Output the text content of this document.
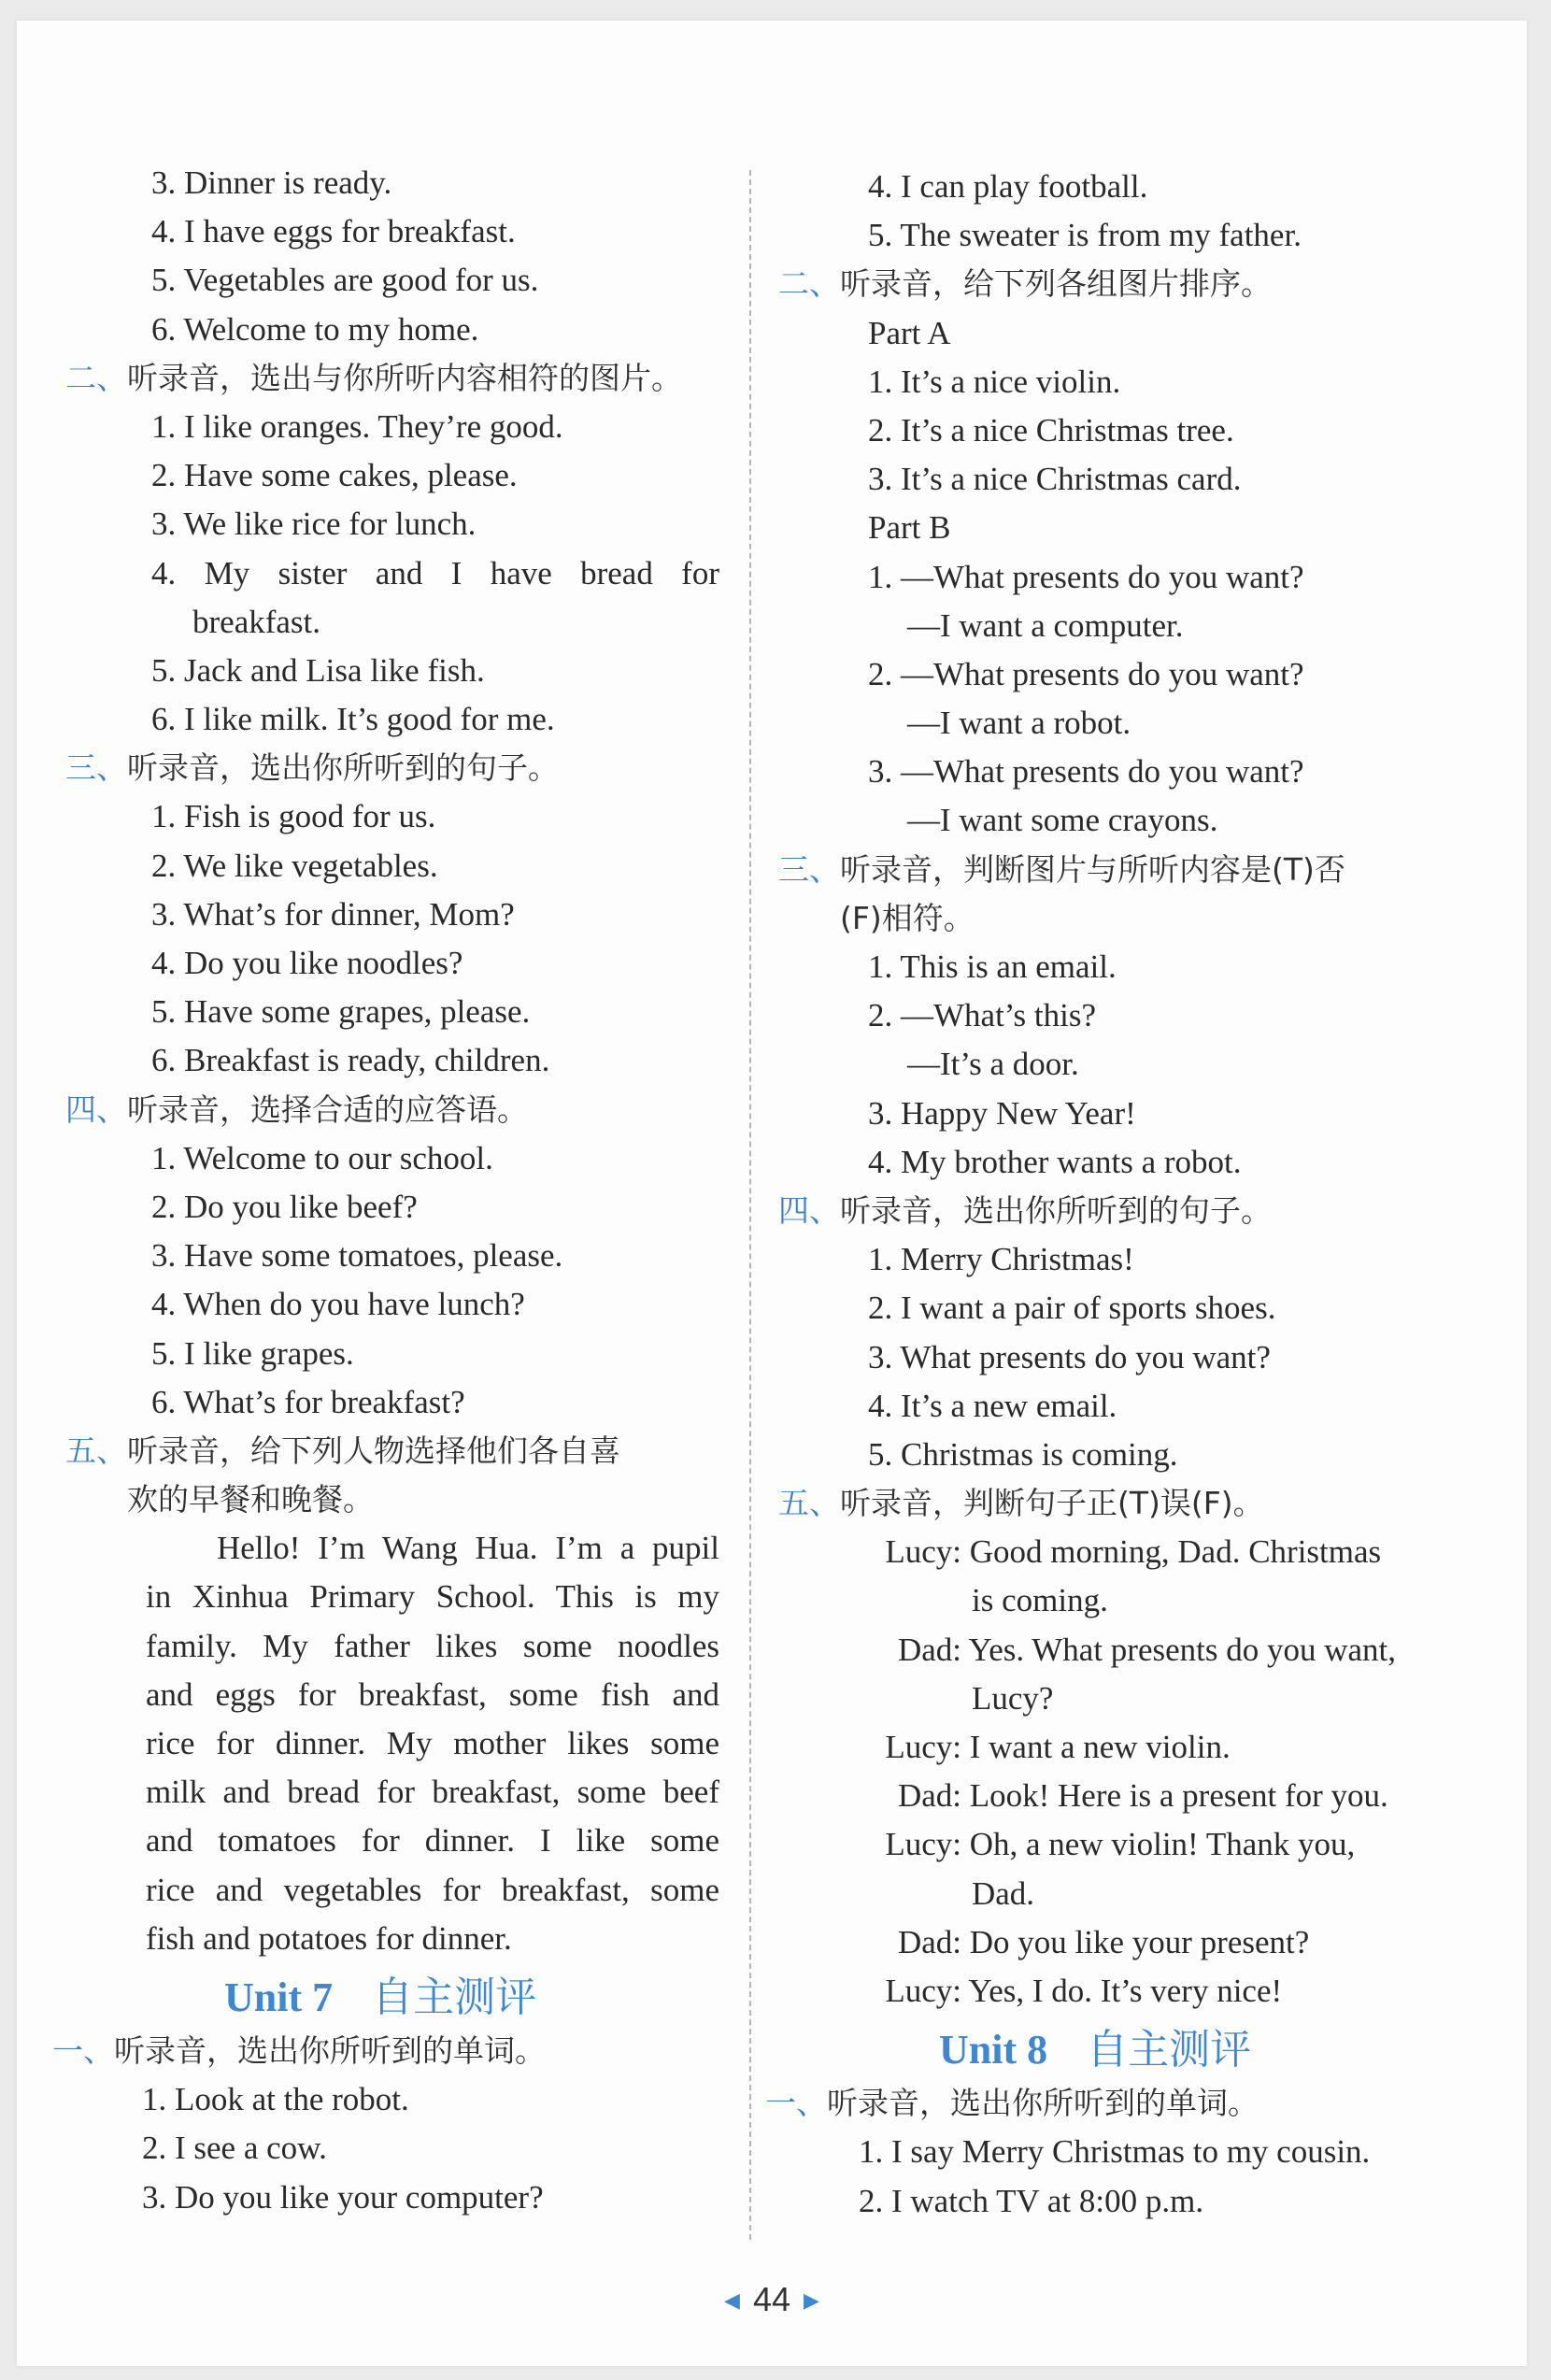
3. Dinner is ready.
4. I have eggs for breakfast.
5. Vegetables are good for us.
6. Welcome to my home.
二、听录音，选出与你所听内容相符的图片。
1. I like oranges. They’re good.
2. Have some cakes, please.
3. We like rice for lunch.
4. My sister and I have bread for
breakfast.
5. Jack and Lisa like fish.
6. I like milk. It’s good for me.
三、听录音，选出你所听到的句子。
1. Fish is good for us.
2. We like vegetables.
3. What’s for dinner, Mom?
4. Do you like noodles?
5. Have some grapes, please.
6. Breakfast is ready, children.
四、听录音，选择合适的应答语。
1. Welcome to our school.
2. Do you like beef?
3. Have some tomatoes, please.
4. When do you have lunch?
5. I like grapes.
6. What’s for breakfast?
五、听录音，给下列人物选择他们各自喜
欢的早餐和晚餐。
Hello! I’m Wang Hua. I’m a pupil
in Xinhua Primary School. This is my
family. My father likes some noodles
and eggs for breakfast, some fish and
rice for dinner. My mother likes some
milk and bread for breakfast, some beef
and tomatoes for dinner. I like some
rice and vegetables for breakfast, some
fish and potatoes for dinner.
Unit 7 自主测评
一、听录音，选出你所听到的单词。
1. Look at the robot.
2. I see a cow.
3. Do you like your computer?
4. I can play football.
5. The sweater is from my father.
二、听录音，给下列各组图片排序。
Part A
1. It’s a nice violin.
2. It’s a nice Christmas tree.
3. It’s a nice Christmas card.
Part B
1. —What presents do you want?
—I want a computer.
2. —What presents do you want?
—I want a robot.
3. —What presents do you want?
—I want some crayons.
三、听录音，判断图片与所听内容是(T)否
(F)相符。
1. This is an email.
2. —What’s this?
—It’s a door.
3. Happy New Year!
4. My brother wants a robot.
四、听录音，选出你所听到的句子。
1. Merry Christmas!
2. I want a pair of sports shoes.
3. What presents do you want?
4. It’s a new email.
5. Christmas is coming.
五、听录音，判断句子正(T)误(F)。
Lucy: Good morning, Dad. Christmas
is coming.
Dad: Yes. What presents do you want,
Lucy?
Lucy: I want a new violin.
Dad: Look! Here is a present for you.
Lucy: Oh, a new violin! Thank you,
Dad.
Dad: Do you like your present?
Lucy: Yes, I do. It’s very nice!
Unit 8 自主测评
一、听录音，选出你所听到的单词。
1. I say Merry Christmas to my cousin.
2. I watch TV at 8:00 p.m.
◀ 44 ▶
